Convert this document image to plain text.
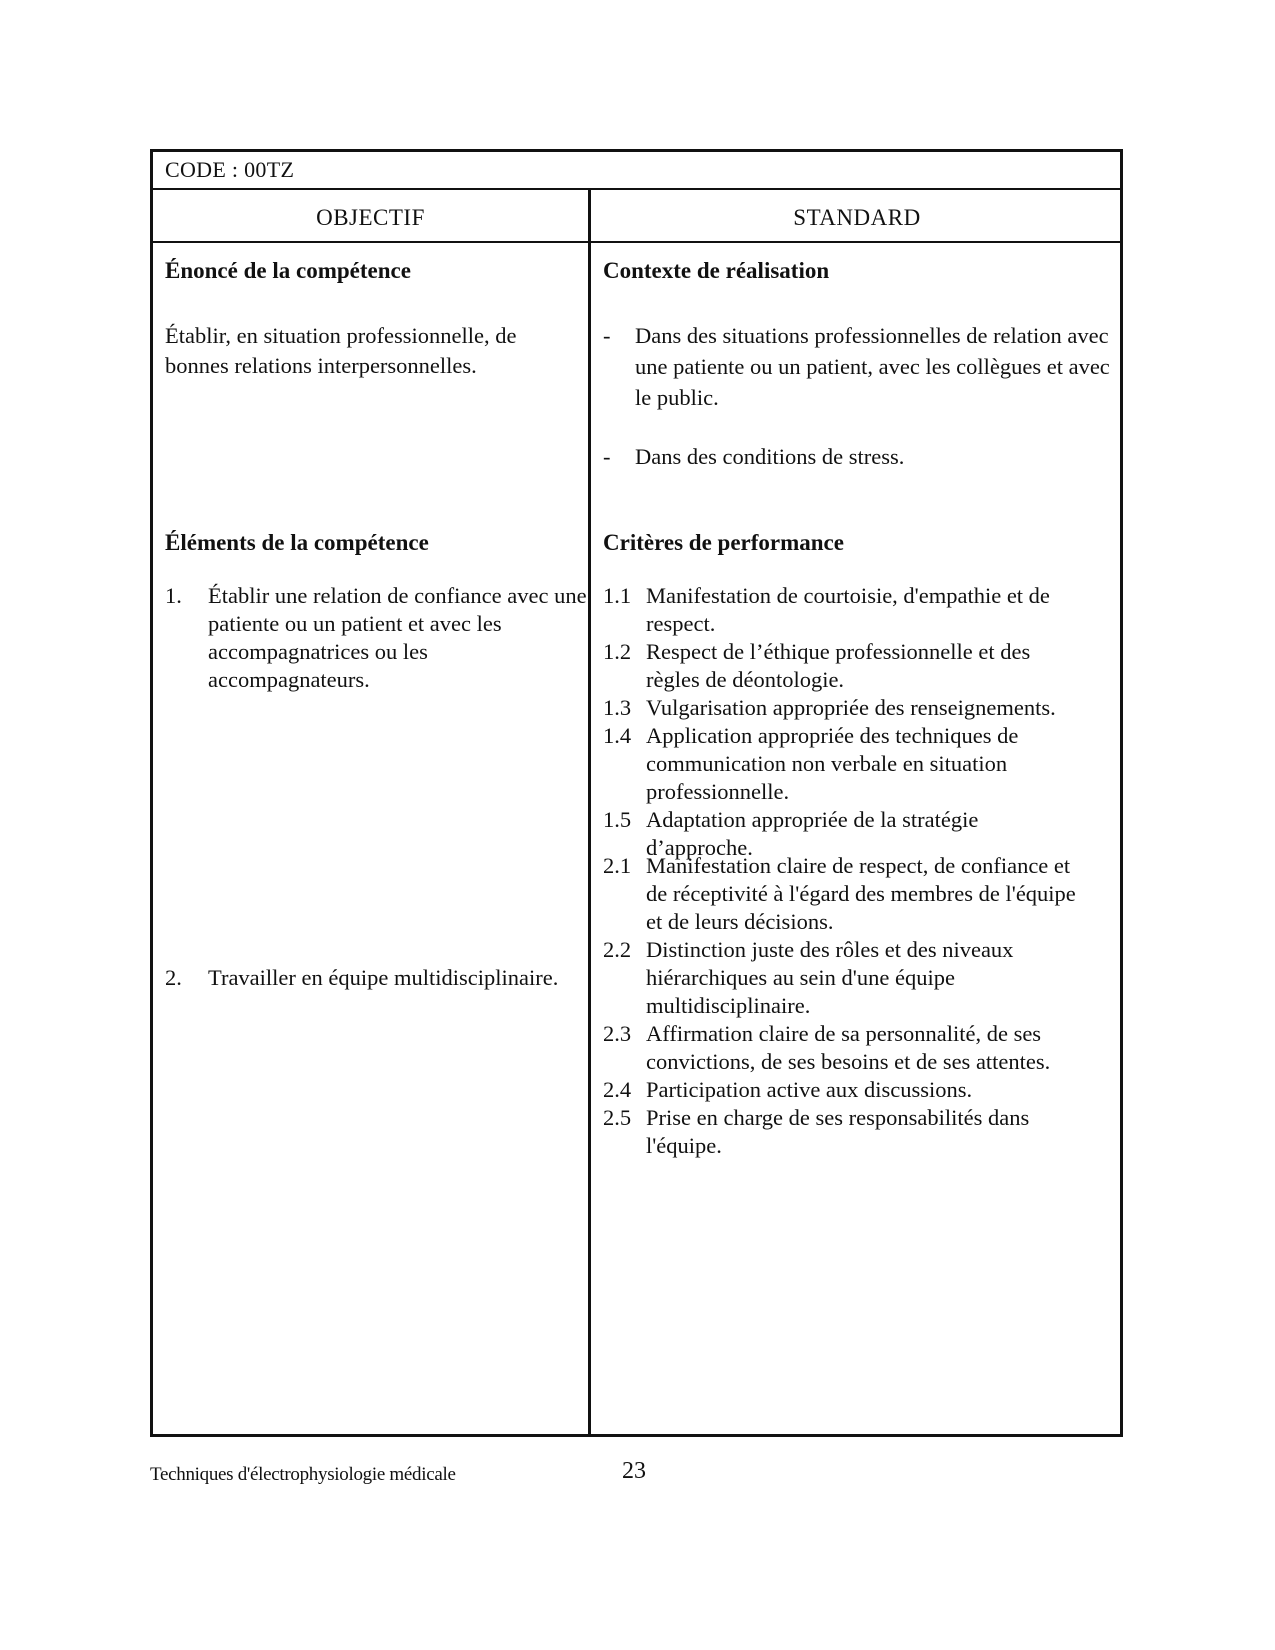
CODE : 00TZ
OBJECTIF	STANDARD
Énoncé de la compétence
Établir, en situation professionnelle, de bonnes relations interpersonnelles.
Éléments de la compétence
1. Établir une relation de confiance avec une patiente ou un patient et avec les accompagnatrices ou les accompagnateurs.
2. Travailler en équipe multidisciplinaire.
Contexte de réalisation
- Dans des situations professionnelles de relation avec une patiente ou un patient, avec les collègues et avec le public.
- Dans des conditions de stress.
Critères de performance
1.1 Manifestation de courtoisie, d'empathie et de respect.
1.2 Respect de l’éthique professionnelle et des règles de déontologie.
1.3 Vulgarisation appropriée des renseignements.
1.4 Application appropriée des techniques de communication non verbale en situation professionnelle.
1.5 Adaptation appropriée de la stratégie d’approche.
2.1 Manifestation claire de respect, de confiance et de réceptivité à l'égard des membres de l'équipe et de leurs décisions.
2.2 Distinction juste des rôles et des niveaux hiérarchiques au sein d'une équipe multidisciplinaire.
2.3 Affirmation claire de sa personnalité, de ses convictions, de ses besoins et de ses attentes.
2.4 Participation active aux discussions.
2.5 Prise en charge de ses responsabilités dans l'équipe.
Techniques d'électrophysiologie médicale	23
